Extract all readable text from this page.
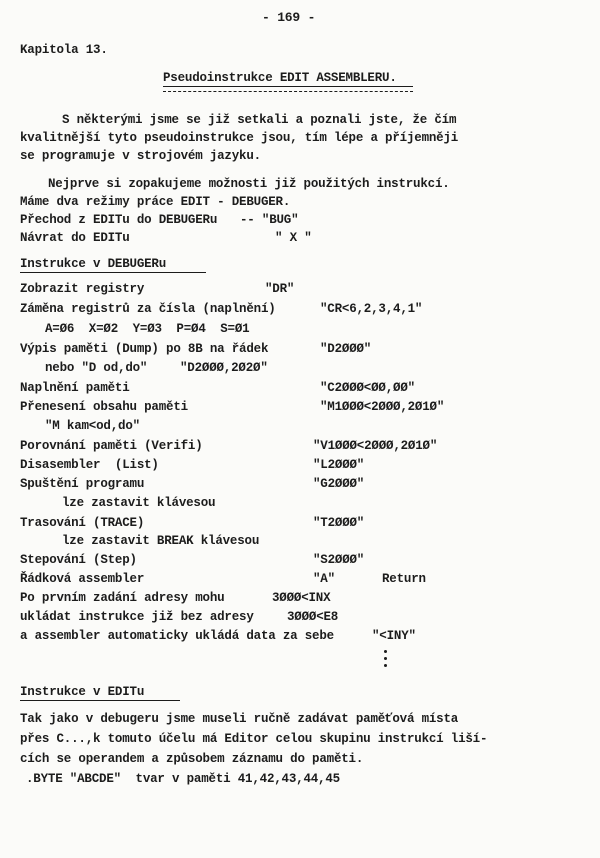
- 169 -
Kapitola 13.
Pseudoinstrukce EDIT ASSEMBLERU.
S některými jsme se již setkali a poznali jste, že čím
kvalitnější tyto pseudoinstrukce jsou, tím lépe a příjemněji
se programuje v strojovém jazyku.
Nejprve si zopakujeme možnosti již použitých instrukcí.
Máme dva režimy práce EDIT - DEBUGER.
Přechod z EDITu do DEBUGERu -- "BUG"
Návrat do EDITu	" X "
Instrukce v DEBUGERu
Zobrazit registry	"DR"
Záměna registrů za čísla (naplnění)	"CR<6,2,3,4,1"
A=Ø6  X=Ø2  Y=Ø3  P=Ø4  S=Ø1
Výpis paměti (Dump) po 8B na řádek	"D2ØØØ"
nebo "D od,do"	"D2ØØØ,2Ø2Ø"
Naplnění paměti	"C2ØØØ<ØØ,ØØ"
Přenesení obsahu paměti	"M1ØØØ<2ØØØ,2Ø1Ø"
"M kam<od,do"
Porovnání paměti (Verifi)	"V1ØØØ<2ØØØ,2Ø1Ø"
Disasembler  (List)	"L2ØØØ"
Spuštění programu	"G2ØØØ"
lze zastavit klávesou
Trasování (TRACE)	"T2ØØØ"
lze zastavit BREAK klávesou
Stepování (Step)	"S2ØØØ"
Řádková assembler	"A"	Return
Po prvním zadání adresy mohu	3ØØØ<INX
ukládat instrukce již bez adresy	3ØØØ<E8
a assembler automaticky ukládá data za sebe	"<INY"
Instrukce v EDITu
Tak jako v debugeru jsme museli ručně zadávat paměťová místa
přes C...,k tomuto účelu má Editor celou skupinu instrukcí liší-
cích se operandem a způsobem záznamu do paměti.
.BYTE "ABCDE"  tvar v paměti 41,42,43,44,45
